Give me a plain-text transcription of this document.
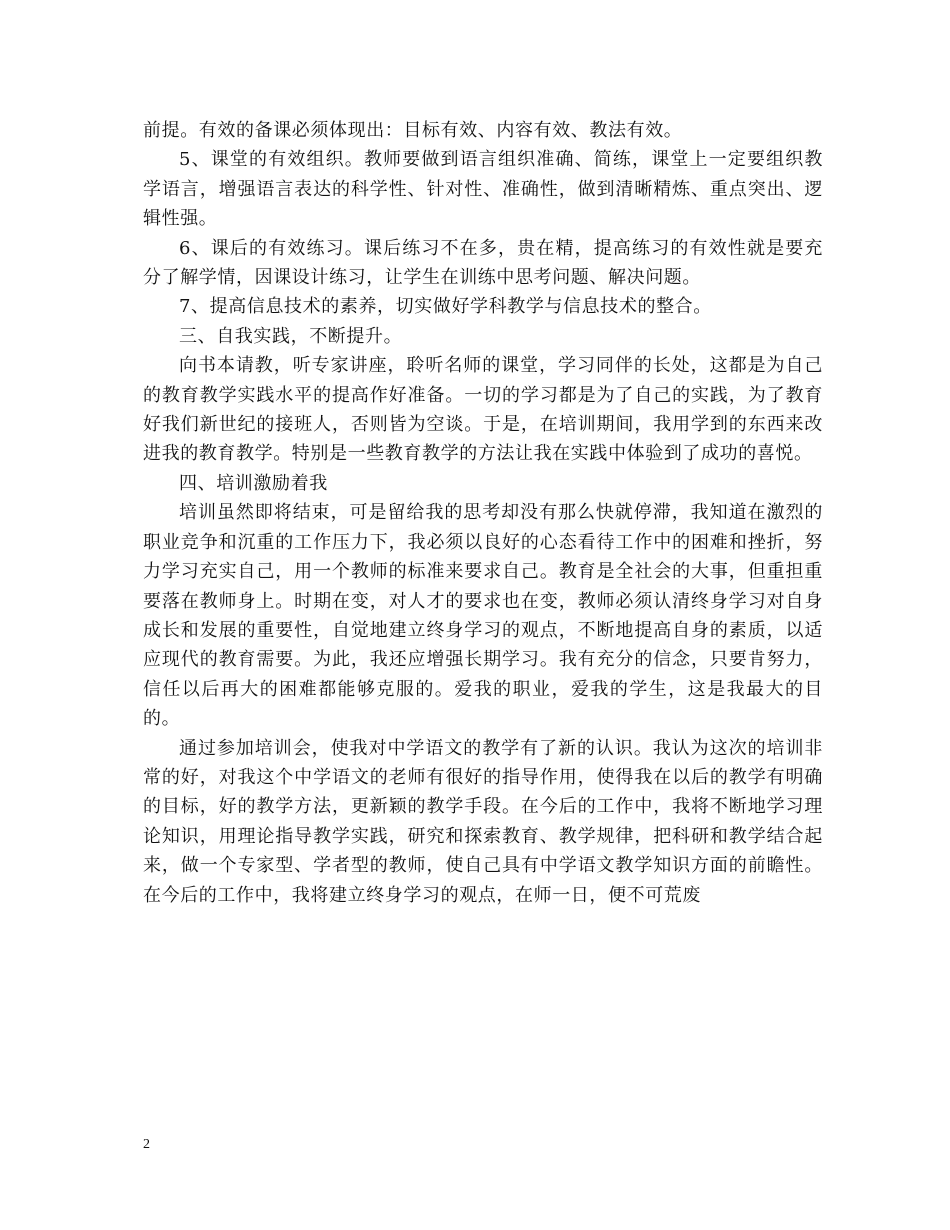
前提。有效的备课必须体现出：目标有效、内容有效、教法有效。

5、课堂的有效组织。教师要做到语言组织准确、简练，课堂上一定要组织教学语言，增强语言表达的科学性、针对性、准确性，做到清晰精炼、重点突出、逻辑性强。

6、课后的有效练习。课后练习不在多，贵在精，提高练习的有效性就是要充分了解学情，因课设计练习，让学生在训练中思考问题、解决问题。

7、提高信息技术的素养，切实做好学科教学与信息技术的整合。

三、自我实践，不断提升。

向书本请教，听专家讲座，聆听名师的课堂，学习同伴的长处，这都是为自己的教育教学实践水平的提高作好准备。一切的学习都是为了自己的实践，为了教育好我们新世纪的接班人，否则皆为空谈。于是，在培训期间，我用学到的东西来改进我的教育教学。特别是一些教育教学的方法让我在实践中体验到了成功的喜悦。

四、培训激励着我

培训虽然即将结束，可是留给我的思考却没有那么快就停滞，我知道在激烈的职业竞争和沉重的工作压力下，我必须以良好的心态看待工作中的困难和挫折，努力学习充实自己，用一个教师的标准来要求自己。教育是全社会的大事，但重担重要落在教师身上。时期在变，对人才的要求也在变，教师必须认清终身学习对自身成长和发展的重要性，自觉地建立终身学习的观点，不断地提高自身的素质，以适应现代的教育需要。为此，我还应增强长期学习。我有充分的信念，只要肯努力，信任以后再大的困难都能够克服的。爱我的职业，爱我的学生，这是我最大的目的。

通过参加培训会，使我对中学语文的教学有了新的认识。我认为这次的培训非常的好，对我这个中学语文的老师有很好的指导作用，使得我在以后的教学有明确的目标，好的教学方法，更新颖的教学手段。在今后的工作中，我将不断地学习理论知识，用理论指导教学实践，研究和探索教育、教学规律，把科研和教学结合起来，做一个专家型、学者型的教师，使自己具有中学语文教学知识方面的前瞻性。在今后的工作中，我将建立终身学习的观点，在师一日，便不可荒废

2
